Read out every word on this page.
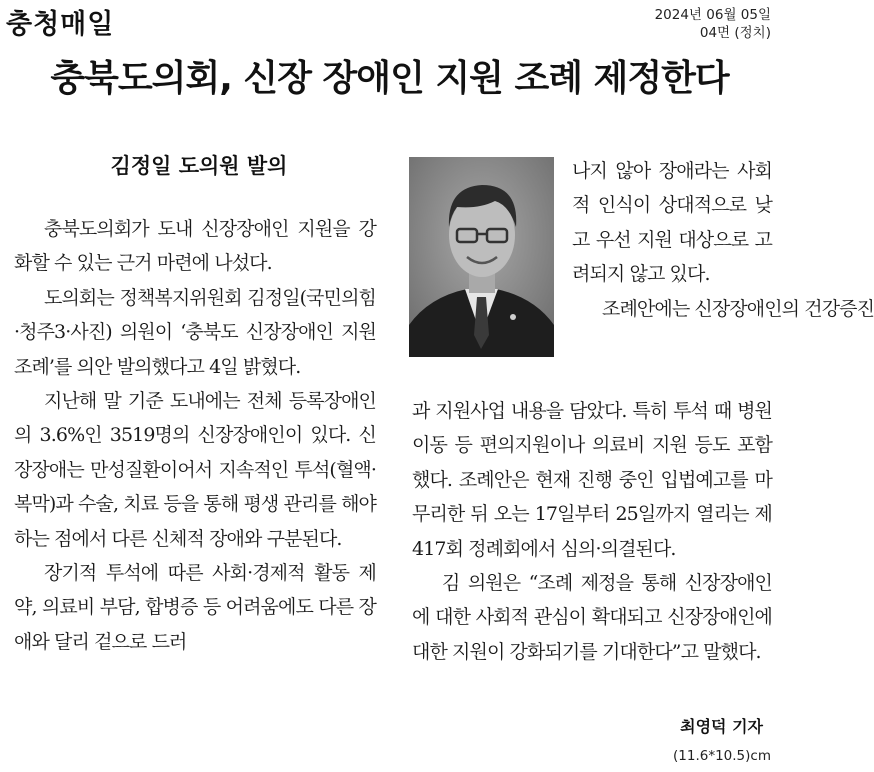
충청매일	2024년 06월 05일
04면 (정치)
충북도의회, 신장 장애인 지원 조례 제정한다
김정일 도의원 발의

충북도의회가 도내 신장장애인 지원을 강화할 수 있는 근거 마련에 나섰다.

도의회는 정책복지위원회 김정일(국민의힘·청주3·사진) 의원이 ‘충북도 신장장애인 지원 조례’를 의안 발의했다고 4일 밝혔다.

지난해 말 기준 도내에는 전체 등록장애인의 3.6%인 3519명의 신장장애인이 있다. 신장장애는 만성질환이어서 지속적인 투석(혈액·복막)과 수술, 치료 등을 통해 평생 관리를 해야하는 점에서 다른 신체적 장애와 구분된다.

장기적 투석에 따른 사회·경제적 활동 제약, 의료비 부담, 합병증 등 어려움에도 다른 장애와 달리 겉으로 드러

나지 않아 장애라는 사회적 인식이 상대적으로 낮고 우선 지원 대상으로 고려되지 않고 있다.

조례안에는 신장장애인의 건강증진

과 지원사업 내용을 담았다. 특히 투석 때 병원 이동 등 편의지원이나 의료비 지원 등도 포함했다. 조례안은 현재 진행 중인 입법예고를 마무리한 뒤 오는 17일부터 25일까지 열리는 제417회 정례회에서 심의·의결된다.

김 의원은 “조례 제정을 통해 신장장애인에 대한 사회적 관심이 확대되고 신장장애인에 대한 지원이 강화되기를 기대한다”고 말했다.

최영덕 기자
(11.6*10.5)cm
